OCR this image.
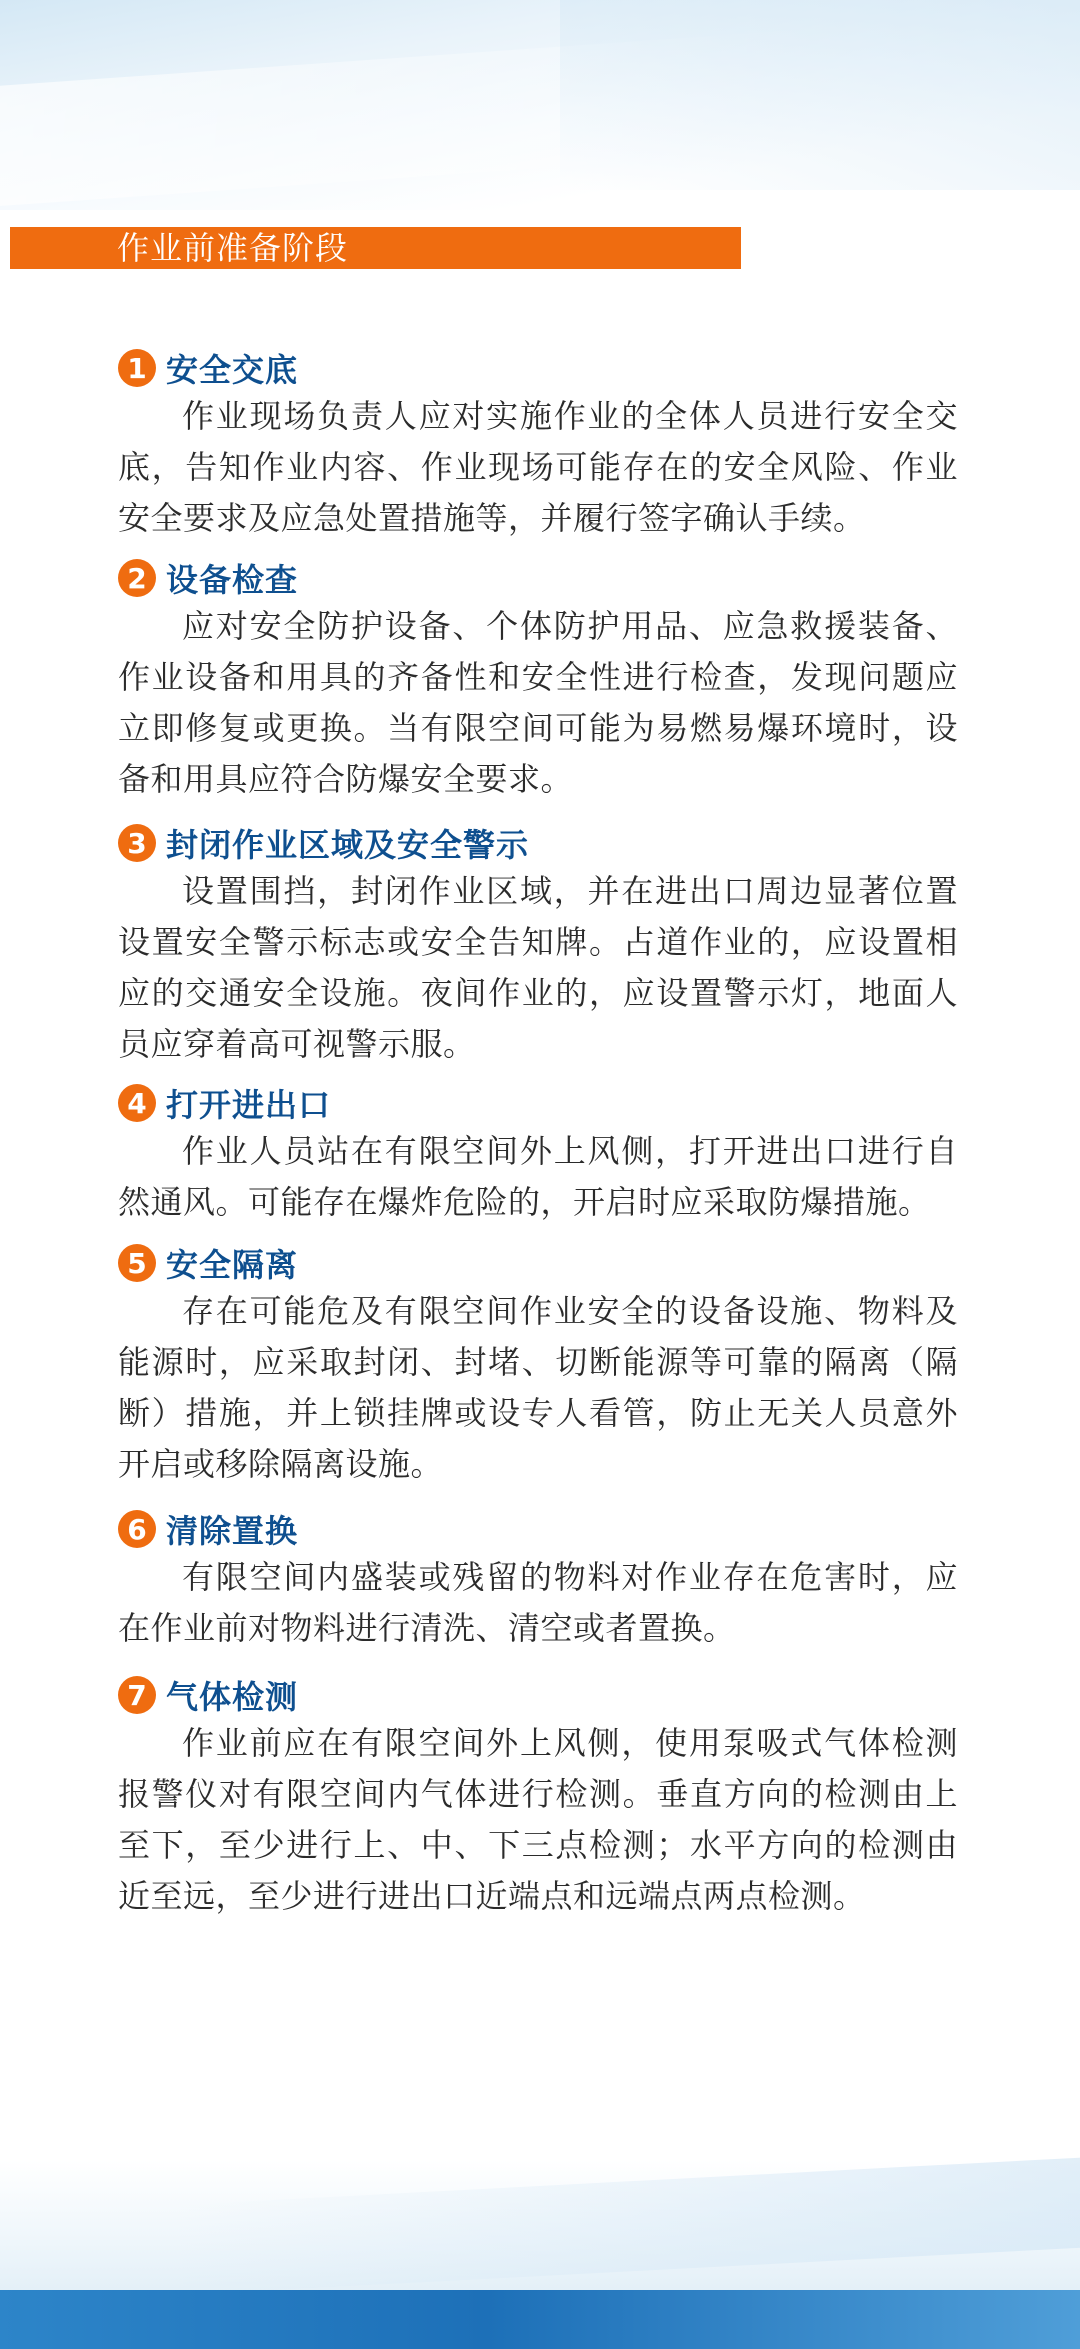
作业前准备阶段
1 安全交底

作业现场负责人应对实施作业的全体人员进行安全交底，告知作业内容、作业现场可能存在的安全风险、作业安全要求及应急处置措施等，并履行签字确认手续。

2 设备检查

应对安全防护设备、个体防护用品、应急救援装备、作业设备和用具的齐备性和安全性进行检查，发现问题应立即修复或更换。当有限空间可能为易燃易爆环境时，设备和用具应符合防爆安全要求。

3 封闭作业区域及安全警示

设置围挡，封闭作业区域，并在进出口周边显著位置设置安全警示标志或安全告知牌。占道作业的，应设置相应的交通安全设施。夜间作业的，应设置警示灯，地面人员应穿着高可视警示服。

4 打开进出口

作业人员站在有限空间外上风侧，打开进出口进行自然通风。可能存在爆炸危险的，开启时应采取防爆措施。

5 安全隔离

存在可能危及有限空间作业安全的设备设施、物料及能源时，应采取封闭、封堵、切断能源等可靠的隔离（隔断）措施，并上锁挂牌或设专人看管，防止无关人员意外开启或移除隔离设施。

6 清除置换

有限空间内盛装或残留的物料对作业存在危害时，应在作业前对物料进行清洗、清空或者置换。

7 气体检测

作业前应在有限空间外上风侧，使用泵吸式气体检测报警仪对有限空间内气体进行检测。垂直方向的检测由上至下，至少进行上、中、下三点检测；水平方向的检测由近至远，至少进行进出口近端点和远端点两点检测。
